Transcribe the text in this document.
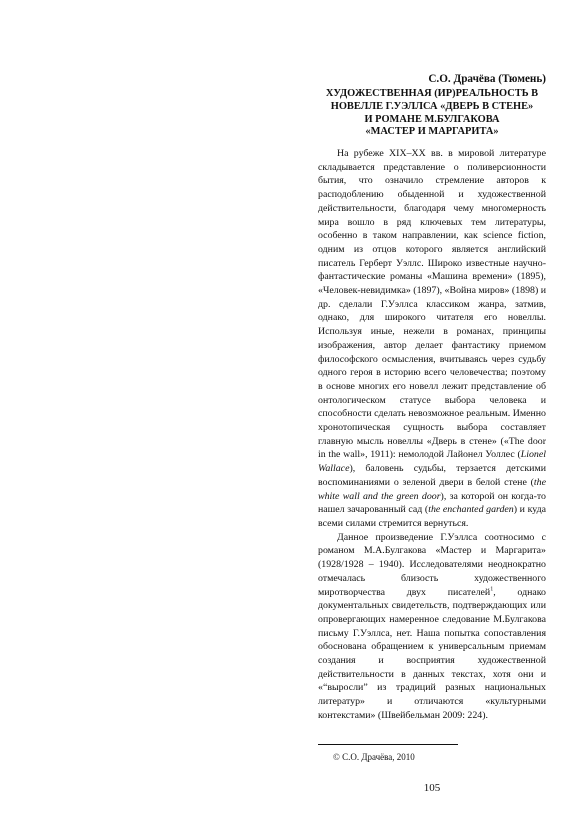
С.О. Драчёва (Тюмень)
ХУДОЖЕСТВЕННАЯ (ИР)РЕАЛЬНОСТЬ В
НОВЕЛЛЕ Г.УЭЛЛСА «ДВЕРЬ В СТЕНЕ»
И РОМАНЕ М.БУЛГАКОВА
«МАСТЕР И МАРГАРИТА»

На рубеже XIX–XX вв. в мировой литературе складывается представление о поливерсионности бытия, что означило стремление авторов к расподоблению обыденной и художественной действительности, благодаря чему многомерность мира вошло в ряд ключевых тем литературы, особенно в таком направлении, как science fiction, одним из отцов которого является английский писатель Герберт Уэллс. Широко известные научно-фантастические романы «Машина времени» (1895), «Человек-невидимка» (1897), «Война миров» (1898) и др. сделали Г.Уэллса классиком жанра, затмив, однако, для широкого читателя его новеллы. Используя иные, нежели в романах, принципы изображения, автор делает фантастику приемом философского осмысления, вчитываясь через судьбу одного героя в историю всего человечества; поэтому в основе многих его новелл лежит представление об онтологическом статусе выбора человека и способности сделать невозможное реальным. Именно хронотопическая сущность выбора составляет главную мысль новеллы «Дверь в стене» («The door in the wall», 1911): немолодой Лайонел Уоллес (Lionel Wallace), баловень судьбы, терзается детскими воспоминаниями о зеленой двери в белой стене (the white wall and the green door), за которой он когда-то нашел зачарованный сад (the enchanted garden) и куда всеми силами стремится вернуться.

Данное произведение Г.Уэллса соотносимо с романом М.А.Булгакова «Мастер и Маргарита» (1928/1928 – 1940). Исследователями неоднократно отмечалась близость художественного миротворчества двух писателей$^1$, однако документальных свидетельств, подтверждающих или опровергающих намеренное следование М.Булгакова письму Г.Уэллса, нет. Наша попытка сопоставления обоснована обращением к универсальным приемам создания и восприятия художественной действительности в данных текстах, хотя они и «“выросли” из традиций разных национальных литератур» и отличаются «культурными контекстами» (Швейбельман 2009: 224).

© С.О. Драчёва, 2010
105
